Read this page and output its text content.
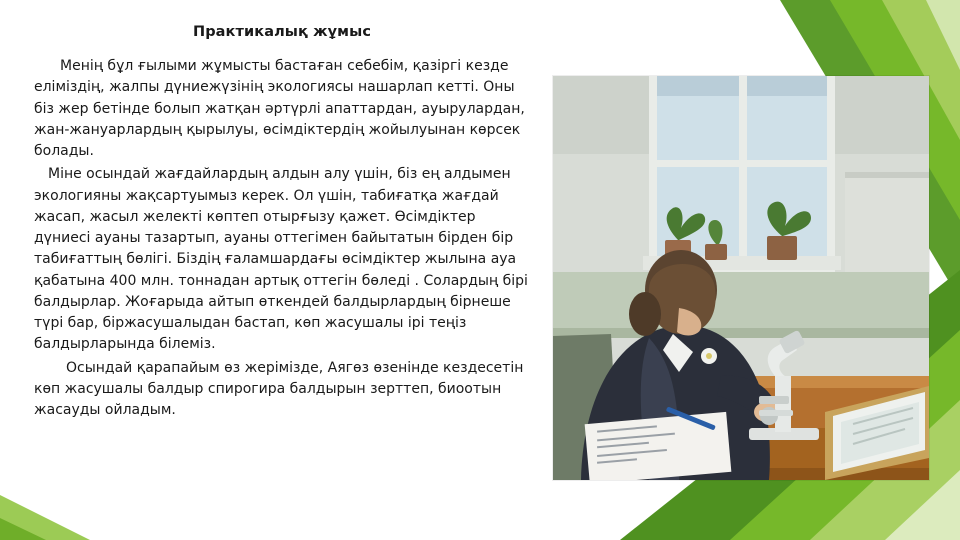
Практикалық жұмыс

Менің бұл ғылыми жұмысты бастаған себебім, қазіргі кезде еліміздің, жалпы дүниежүзінің экологиясы нашарлап кетті. Оны біз жер бетінде болып жатқан әртүрлі апаттардан, ауырулардан, жан-жануарлардың қырылуы, өсімдіктердің жойылуынан көрсек болады.

Міне осындай жағдайлардың алдын алу үшін, біз ең алдымен экологияны жақсартуымыз керек. Ол үшін, табиғатқа жағдай жасап, жасыл желекті көптеп отырғызу қажет. Өсімдіктер дүниесі ауаны тазартып, ауаны оттегімен байытатын бірден бір табиғаттың бөлігі. Біздің ғаламшардағы өсімдіктер жылына ауа қабатына 400 млн. тоннадан артық оттегін бөледі . Солардың бірі балдырлар. Жоғарыда айтып өткендей балдырлардың бірнеше түрі бар, біржасушалыдан бастап, көп жасушалы ірі теңіз балдырларында білеміз.

Осындай қарапайым өз жерімізде, Аягөз өзенінде кездесетін көп жасушалы балдыр спирогира балдырын зерттеп, биоотын жасауды ойладым.
